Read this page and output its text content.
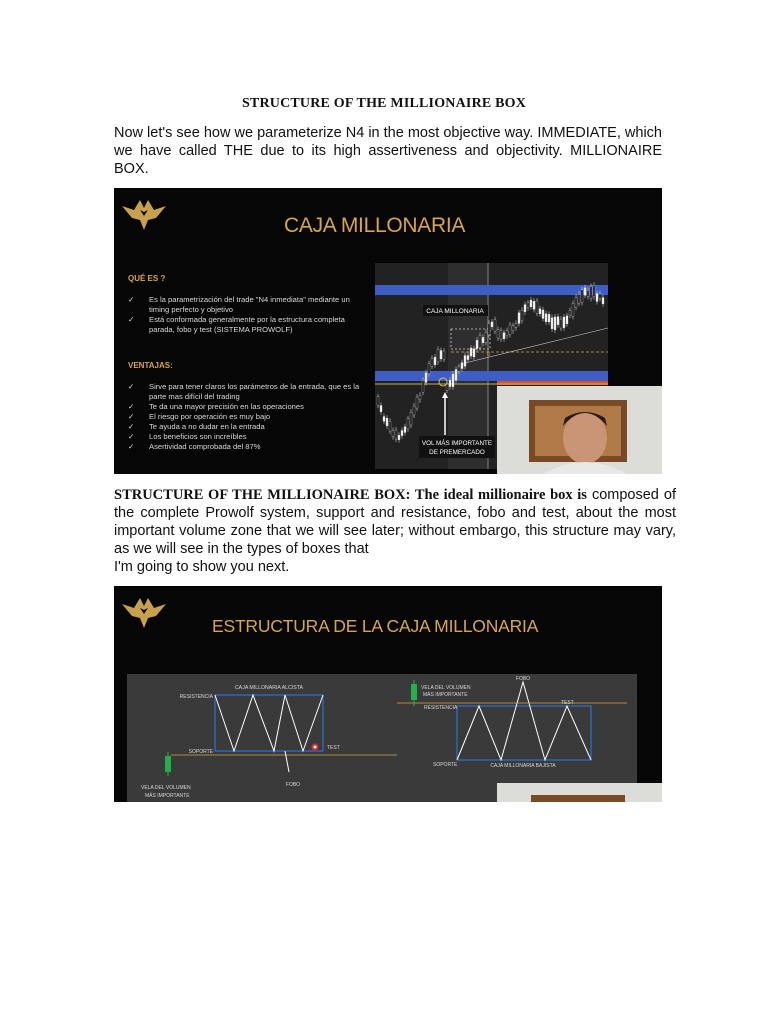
STRUCTURE OF THE MILLIONAIRE BOX
Now let's see how we parameterize N4 in the most objective way. IMMEDIATE, which we have called THE due to its high assertiveness and objectivity. MILLIONAIRE BOX.
CAJA MILLONARIA
QUÉ ES ?
✓ Es la parametrización del trade "N4 inmediata" mediante un timing perfecto y objetivo
✓ Está conformada generalmente por la estructura completa parada, fobo y test (SISTEMA PROWOLF)
VENTAJAS:
✓ Sirve para tener claros los parámetros de la entrada, que es la parte mas difícil del trading
✓ Te da una mayor precisión en las operaciones
✓ El riesgo por operación es muy bajo
✓ Te ayuda a no dudar en la entrada
✓ Los beneficios son increíbles
✓ Asertividad comprobada del 87%
CAJA MILLONARIA
0
VOL MÁS IMPORTANTE
DE PREMERCADO
STRUCTURE OF THE MILLIONAIRE BOX: The ideal millionaire box is composed of the complete Prowolf system, support and resistance, fobo and test, about the most important volume zone that we will see later; without embargo, this structure may vary, as we will see in the types of boxes that
I'm going to show you next.
ESTRUCTURA DE LA CAJA MILLONARIA
CAJA MILLONARIA ALCISTA
RESISTENCIA
SOPORTE
TEST
FOBO
VELA DEL VOLUMEN
MÁS IMPORTANTE
VELA DEL VOLUMEN
MÁS IMPORTANTE
FOBO
TEST
RESISTENCIA
SOPORTE	CAJA MILLONARIA BAJISTA
